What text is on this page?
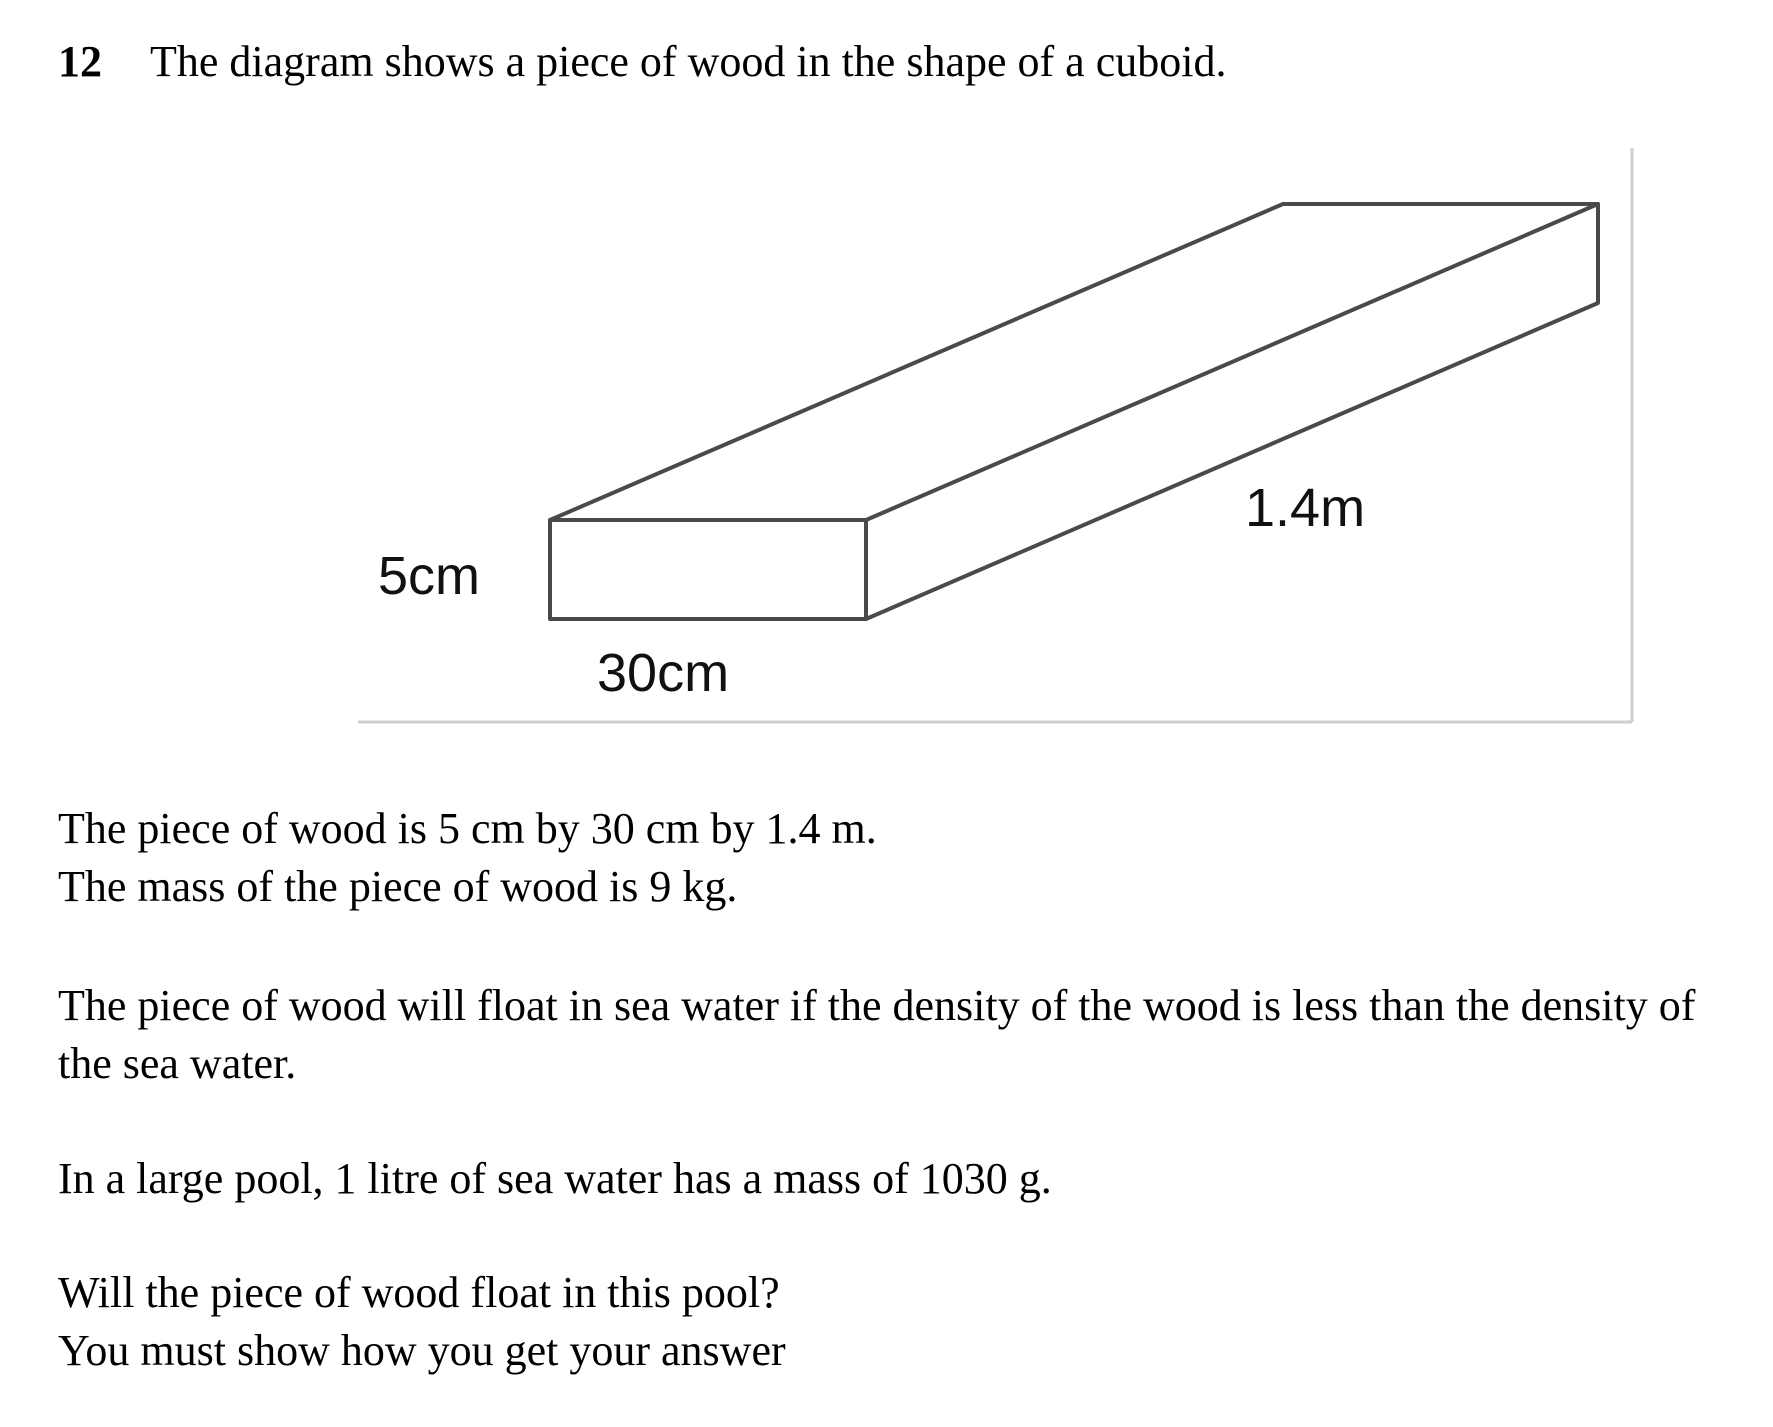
12 The diagram shows a piece of wood in the shape of a cuboid.
5cm
30cm
1.4m

The piece of wood is 5 cm by 30 cm by 1.4 m.

The mass of the piece of wood is 9 kg.

The piece of wood will float in sea water if the density of the wood is less than the density of the sea water.

In a large pool, 1 litre of sea water has a mass of 1030 g.

Will the piece of wood float in this pool?

You must show how you get your answer
